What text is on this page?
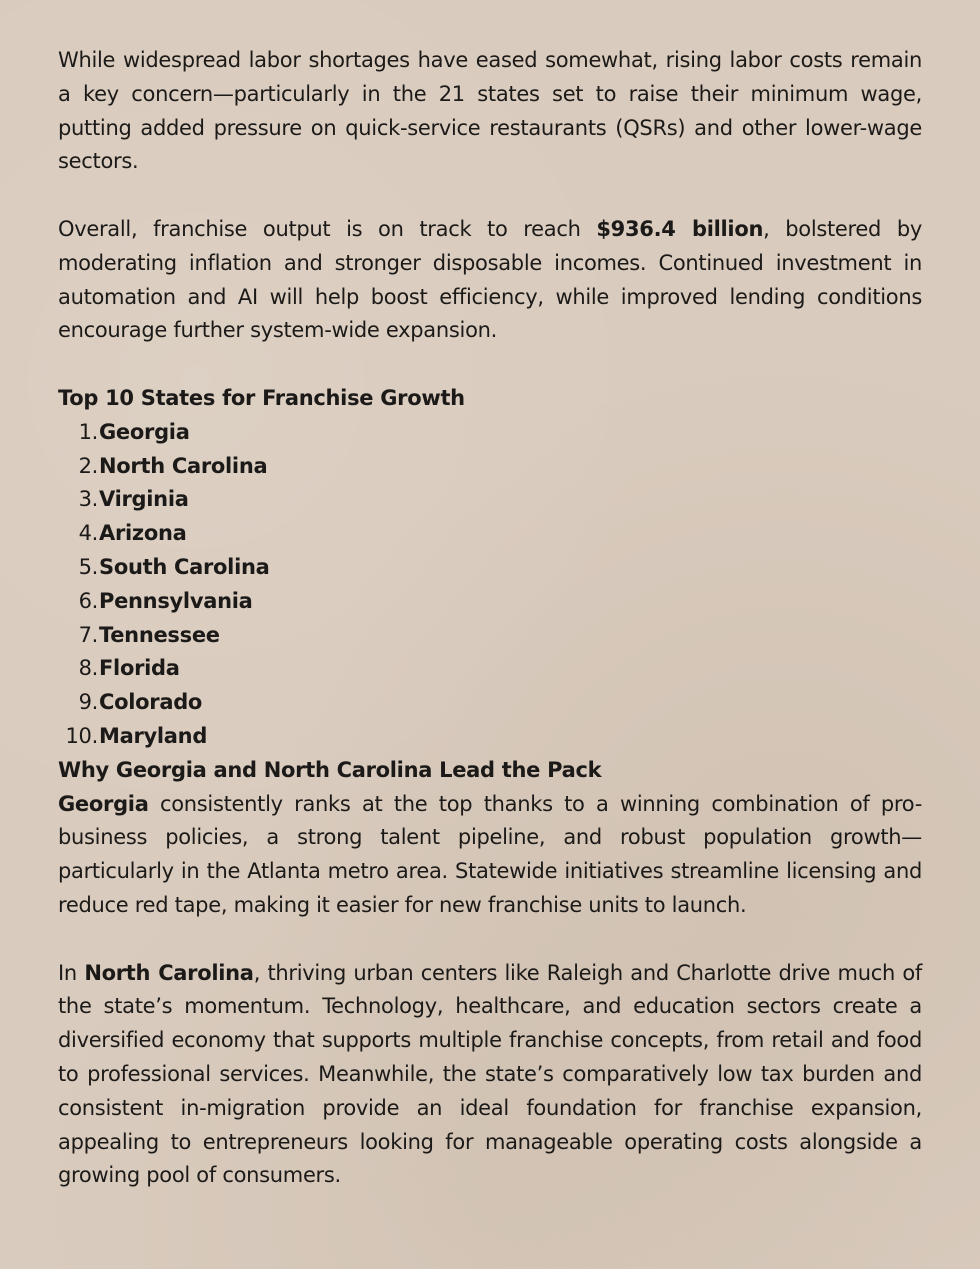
While widespread labor shortages have eased somewhat, rising labor costs remain a key concern—particularly in the 21 states set to raise their minimum wage, putting added pressure on quick-service restaurants (QSRs) and other lower-wage sectors.

Overall, franchise output is on track to reach $936.4 billion, bolstered by moderating inflation and stronger disposable incomes. Continued investment in automation and AI will help boost efficiency, while improved lending conditions encourage further system-wide expansion.

Top 10 States for Franchise Growth
1. Georgia
2. North Carolina
3. Virginia
4. Arizona
5. South Carolina
6. Pennsylvania
7. Tennessee
8. Florida
9. Colorado
10. Maryland
Why Georgia and North Carolina Lead the Pack

Georgia consistently ranks at the top thanks to a winning combination of pro-business policies, a strong talent pipeline, and robust population growth—particularly in the Atlanta metro area. Statewide initiatives streamline licensing and reduce red tape, making it easier for new franchise units to launch.

In North Carolina, thriving urban centers like Raleigh and Charlotte drive much of the state’s momentum. Technology, healthcare, and education sectors create a diversified economy that supports multiple franchise concepts, from retail and food to professional services. Meanwhile, the state’s comparatively low tax burden and consistent in-migration provide an ideal foundation for franchise expansion, appealing to entrepreneurs looking for manageable operating costs alongside a growing pool of consumers.
